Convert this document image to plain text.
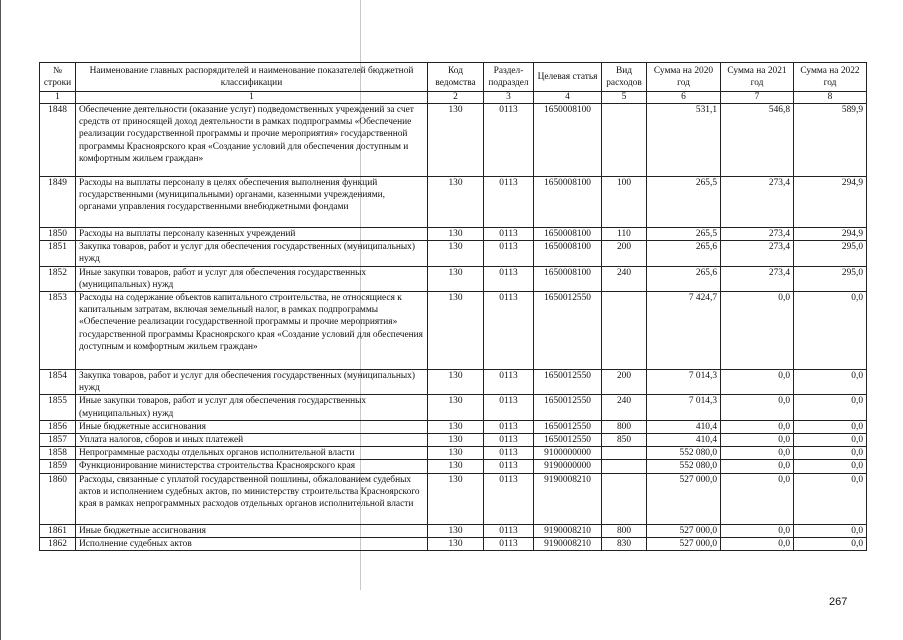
№ строки	Наименование главных распорядителей и наименование показателей бюджетной классификации	Код ведомства	Раздел- подраздел	Целевая статья	Вид расходов	Сумма на 2020 год	Сумма на 2021 год	Сумма на 2022 год
1	1	2	3	4	5	6	7	8
1848	Обеспечение деятельности (оказание услуг) подведомственных учреждений за счет средств от приносящей доход деятельности в рамках подпрограммы «Обеспечение реализации государственной программы и прочие мероприятия» государственной программы Красноярского края «Создание условий для обеспечения доступным и комфортным жильем граждан»	130	0113	1650008100		531,1	546,8	589,9
1849	Расходы на выплаты персоналу в целях обеспечения выполнения функций государственными (муниципальными) органами, казенными учреждениями, органами управления государственными внебюджетными фондами	130	0113	1650008100	100	265,5	273,4	294,9
1850	Расходы на выплаты персоналу казенных учреждений	130	0113	1650008100	110	265,5	273,4	294,9
1851	Закупка товаров, работ и услуг для обеспечения государственных (муниципальных) нужд	130	0113	1650008100	200	265,6	273,4	295,0
1852	Иные закупки товаров, работ и услуг для обеспечения государственных (муниципальных) нужд	130	0113	1650008100	240	265,6	273,4	295,0
1853	Расходы на содержание объектов капитального строительства, не относящиеся к капитальным затратам, включая земельный налог, в рамках подпрограммы «Обеспечение реализации государственной программы и прочие мероприятия» государственной программы Красноярского края «Создание условий для обеспечения доступным и комфортным жильем граждан»	130	0113	1650012550		7 424,7	0,0	0,0
1854	Закупка товаров, работ и услуг для обеспечения государственных (муниципальных) нужд	130	0113	1650012550	200	7 014,3	0,0	0,0
1855	Иные закупки товаров, работ и услуг для обеспечения государственных (муниципальных) нужд	130	0113	1650012550	240	7 014,3	0,0	0,0
1856	Иные бюджетные ассигнования	130	0113	1650012550	800	410,4	0,0	0,0
1857	Уплата налогов, сборов и иных платежей	130	0113	1650012550	850	410,4	0,0	0,0
1858	Непрограммные расходы отдельных органов исполнительной власти	130	0113	9100000000		552 080,0	0,0	0,0
1859	Функционирование министерства строительства Красноярского края	130	0113	9190000000		552 080,0	0,0	0,0
1860	Расходы, связанные с уплатой государственной пошлины, обжалованием судебных актов и исполнением судебных актов, по министерству строительства Красноярского края в рамках непрограммных расходов отдельных органов исполнительной власти	130	0113	9190008210		527 000,0	0,0	0,0
1861	Иные бюджетные ассигнования	130	0113	9190008210	800	527 000,0	0,0	0,0
1862	Исполнение судебных актов	130	0113	9190008210	830	527 000,0	0,0	0,0
267
